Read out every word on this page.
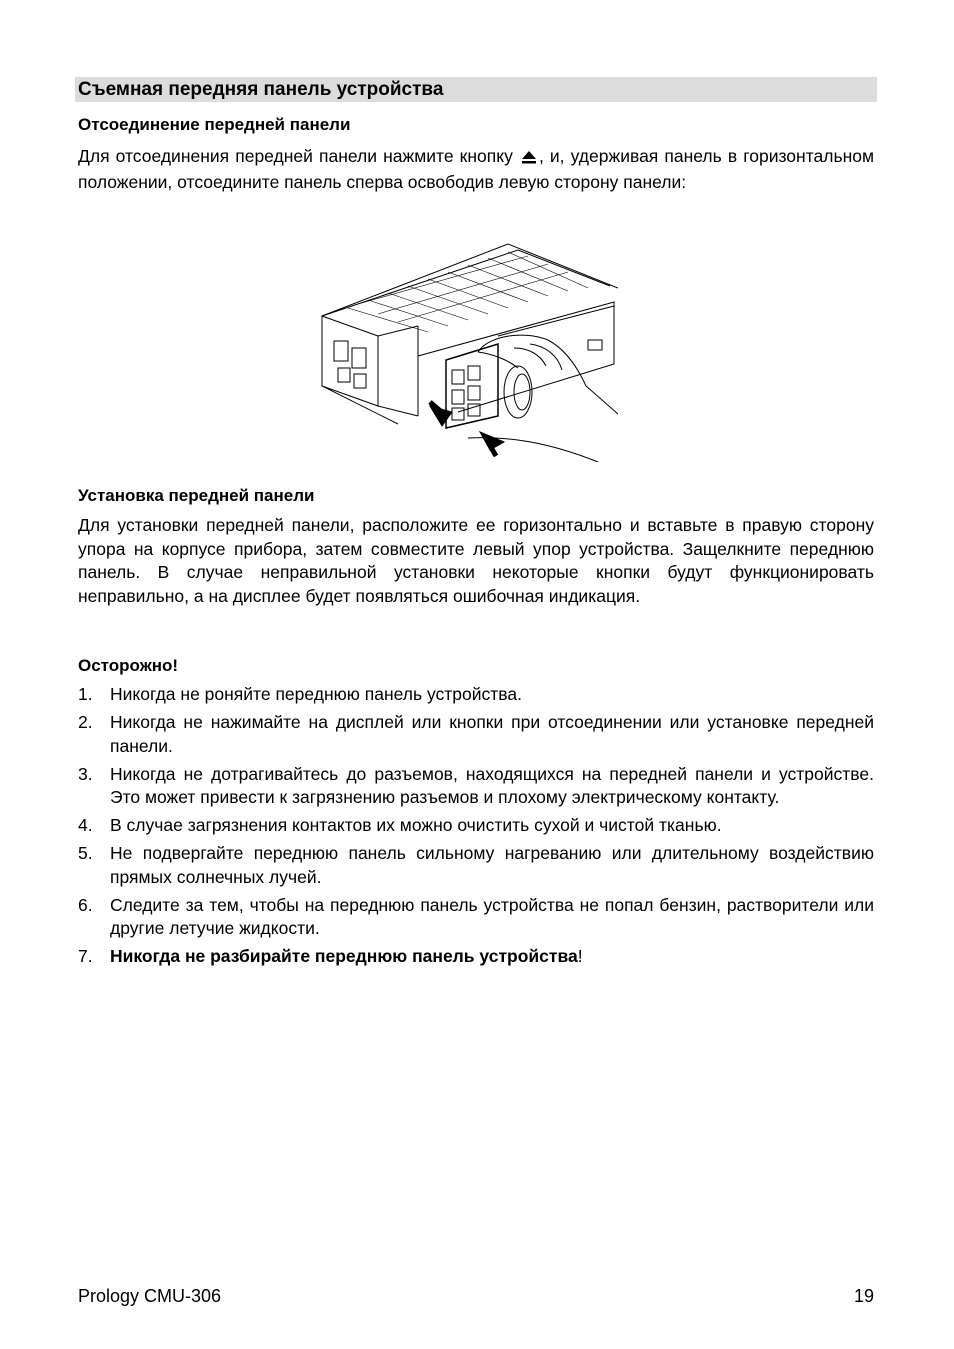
Съемная передняя панель устройства
Отсоединение передней панели
Для отсоединения передней панели нажмите кнопку , и, удерживая панель в горизонтальном положении, отсоедините панель сперва освободив левую сторону панели:
Установка передней панели
Для установки передней панели, расположите ее горизонтально и вставьте в правую сторону упора на корпусе прибора, затем совместите левый упор устройства. Защелкните переднюю панель. В случае неправильной установки некоторые кнопки будут функционировать неправильно, а на дисплее будет появляться ошибочная индикация.
Осторожно!
1. Никогда не роняйте переднюю панель устройства.
2. Никогда не нажимайте на дисплей или кнопки при отсоединении или установке передней панели.
3. Никогда не дотрагивайтесь до разъемов, находящихся на передней панели и устройстве. Это может привести к загрязнению разъемов и плохому электрическому контакту.
4. В случае загрязнения контактов их можно очистить сухой и чистой тканью.
5. Не подвергайте переднюю панель сильному нагреванию или длительному воздействию прямых солнечных лучей.
6. Следите за тем, чтобы на переднюю панель устройства не попал бензин, растворители или другие летучие жидкости.
7. Никогда не разбирайте переднюю панель устройства!
Prology CMU-306	19
